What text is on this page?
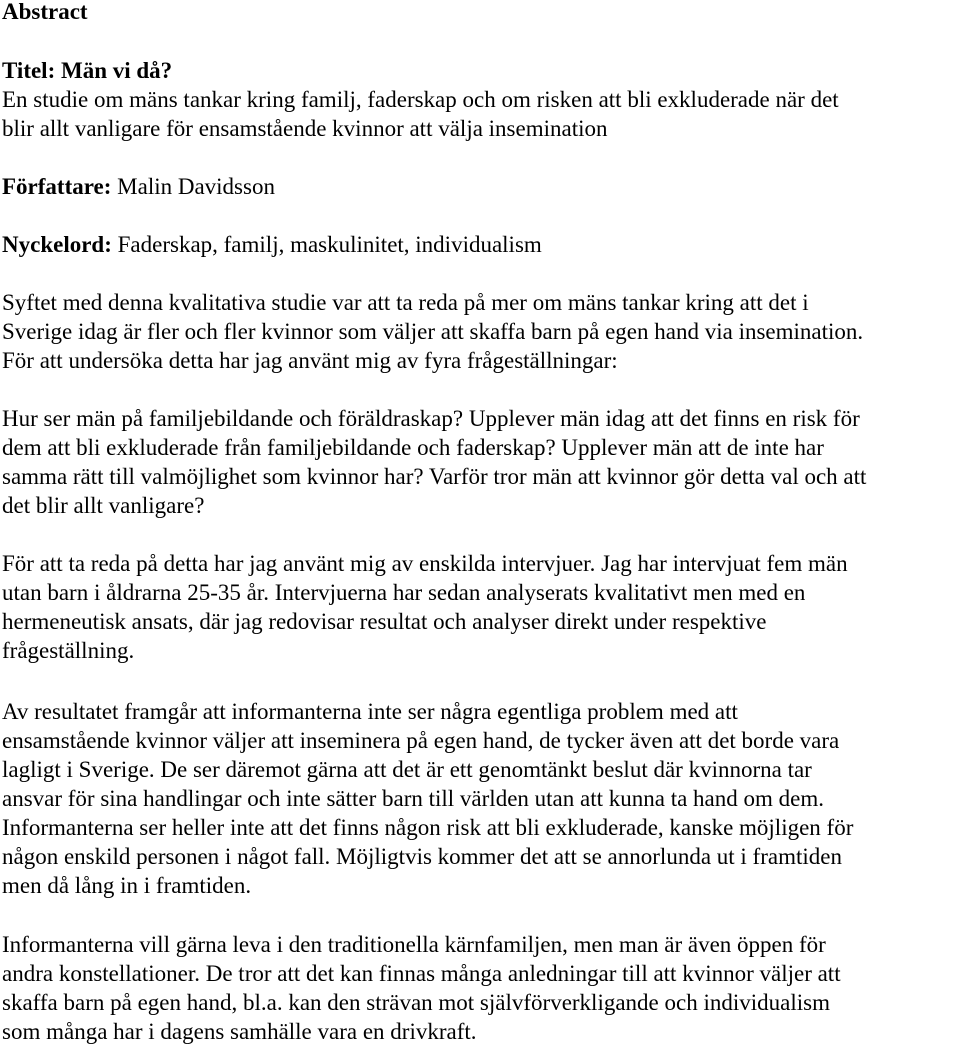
Abstract
Titel: Män vi då?
En studie om mäns tankar kring familj, faderskap och om risken att bli exkluderade när det
blir allt vanligare för ensamstående kvinnor att välja insemination
Författare: Malin Davidsson
Nyckelord: Faderskap, familj, maskulinitet, individualism
Syftet med denna kvalitativa studie var att ta reda på mer om mäns tankar kring att det i
Sverige idag är fler och fler kvinnor som väljer att skaffa barn på egen hand via insemination.
För att undersöka detta har jag använt mig av fyra frågeställningar:
Hur ser män på familjebildande och föräldraskap? Upplever män idag att det finns en risk för
dem att bli exkluderade från familjebildande och faderskap? Upplever män att de inte har
samma rätt till valmöjlighet som kvinnor har? Varför tror män att kvinnor gör detta val och att
det blir allt vanligare?
För att ta reda på detta har jag använt mig av enskilda intervjuer. Jag har intervjuat fem män
utan barn i åldrarna 25-35 år. Intervjuerna har sedan analyserats kvalitativt men med en
hermeneutisk ansats, där jag redovisar resultat och analyser direkt under respektive
frågeställning.
Av resultatet framgår att informanterna inte ser några egentliga problem med att
ensamstående kvinnor väljer att inseminera på egen hand, de tycker även att det borde vara
lagligt i Sverige. De ser däremot gärna att det är ett genomtänkt beslut där kvinnorna tar
ansvar för sina handlingar och inte sätter barn till världen utan att kunna ta hand om dem.
Informanterna ser heller inte att det finns någon risk att bli exkluderade, kanske möjligen för
någon enskild personen i något fall. Möjligtvis kommer det att se annorlunda ut i framtiden
men då lång in i framtiden.
Informanterna vill gärna leva i den traditionella kärnfamiljen, men man är även öppen för
andra konstellationer. De tror att det kan finnas många anledningar till att kvinnor väljer att
skaffa barn på egen hand, bl.a. kan den strävan mot självförverkligande och individualism
som många har i dagens samhälle vara en drivkraft.
